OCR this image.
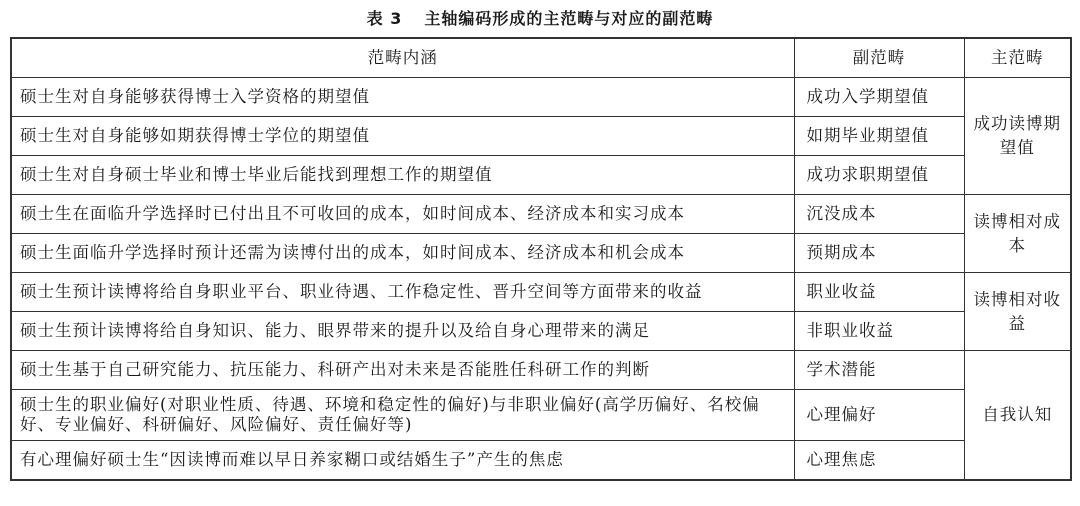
表 3 主轴编码形成的主范畴与对应的副范畴
范畴内涵	副范畴	主范畴
硕士生对自身能够获得博士入学资格的期望值	成功入学期望值	成功读博期望值
硕士生对自身能够如期获得博士学位的期望值	如期毕业期望值	
硕士生对自身硕士毕业和博士毕业后能找到理想工作的期望值	成功求职期望值	
硕士生在面临升学选择时已付出且不可收回的成本，如时间成本、经济成本和实习成本	沉没成本	读博相对成本
硕士生面临升学选择时预计还需为读博付出的成本，如时间成本、经济成本和机会成本	预期成本	
硕士生预计读博将给自身职业平台、职业待遇、工作稳定性、晋升空间等方面带来的收益	职业收益	读博相对收益
硕士生预计读博将给自身知识、能力、眼界带来的提升以及给自身心理带来的满足	非职业收益	
硕士生基于自己研究能力、抗压能力、科研产出对未来是否能胜任科研工作的判断	学术潜能	自我认知
硕士生的职业偏好(对职业性质、待遇、环境和稳定性的偏好)与非职业偏好(高学历偏好、名校偏好、专业偏好、科研偏好、风险偏好、责任偏好等)	心理偏好	
有心理偏好硕士生“因读博而难以早日养家糊口或结婚生子”产生的焦虑	心理焦虑	
